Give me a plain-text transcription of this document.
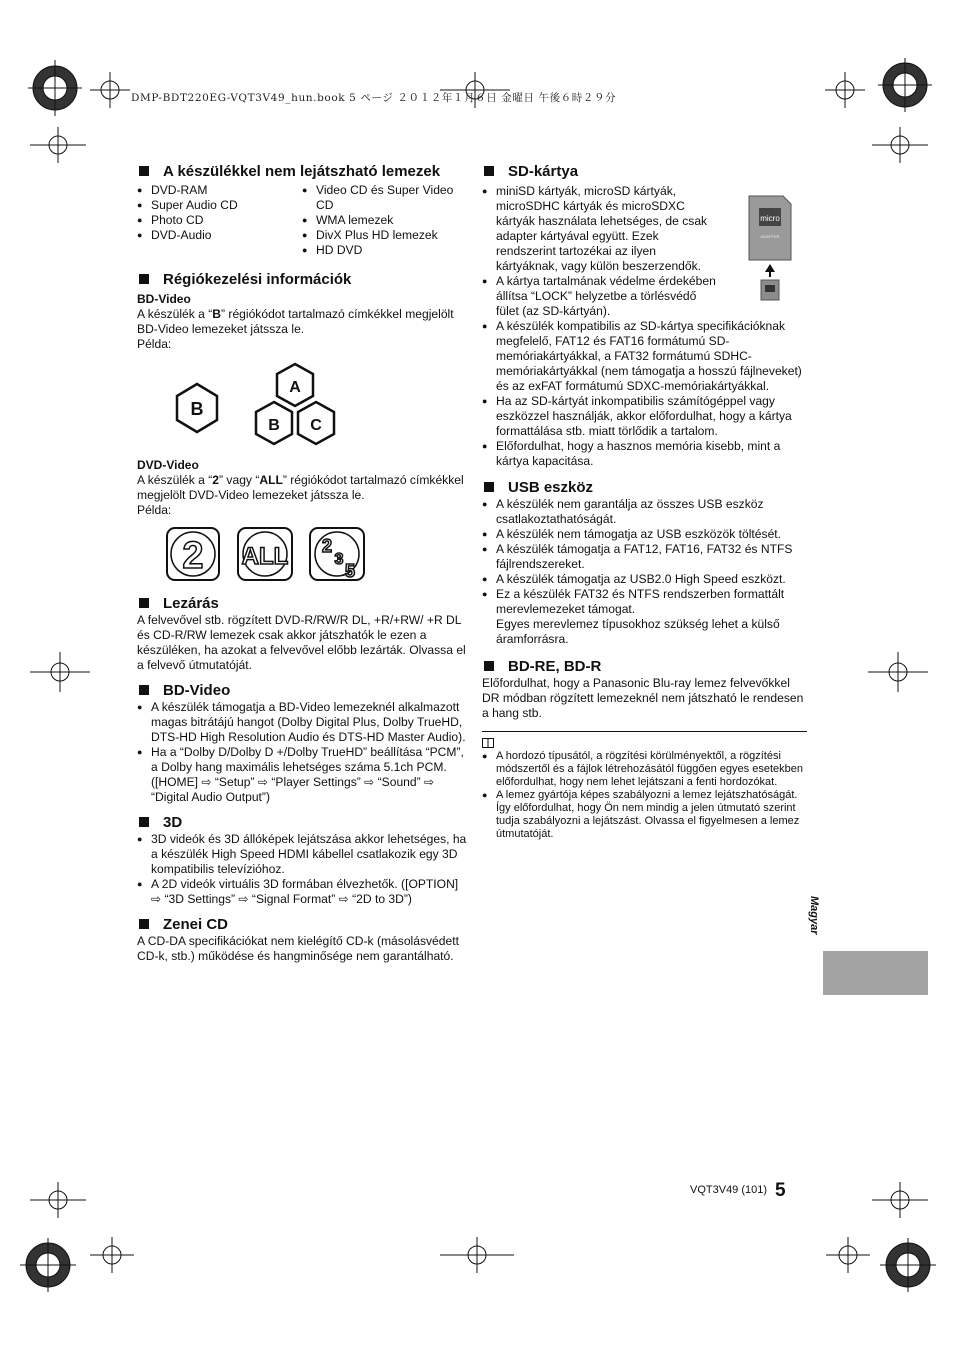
DMP-BDT220EG-VQT3V49_hun.book 5 ページ ２０１２年１月６日 金曜日 午後６時２９分
A készülékkel nem lejátszható lemezek
● DVD-RAM
● Super Audio CD
● Photo CD
● DVD-Audio
● Video CD és Super Video CD
● WMA lemezek
● DivX Plus HD lemezek
● HD DVD
Régiókezelési információk

BD-Video

A készülék a “B” régiókódot tartalmazó címkékkel megjelölt BD-Video lemezeket játssza le.

Példa:

B
A
B C

DVD-Video

A készülék a “2” vagy “ALL” régiókódot tartalmazó címkékkel megjelölt DVD-Video lemezeket játssza le.

Példa:

2 ALL 2
3
5
Lezárás

A felvevővel stb. rögzített DVD-R/RW/R DL, +R/+RW/ +R DL és CD-R/RW lemezek csak akkor játszhatók le ezen a készüléken, ha azokat a felvevővel előbb lezárták. Olvassa el a felvevő útmutatóját.

BD-Video
● A készülék támogatja a BD-Video lemezeknél alkalmazott magas bitrátájú hangot (Dolby Digital Plus, Dolby TrueHD, DTS-HD High Resolution Audio és DTS-HD Master Audio).
● Ha a “Dolby D/Dolby D +/Dolby TrueHD” beállítása “PCM”, a Dolby hang maximális lehetséges száma 5.1ch PCM. ([HOME] ⇨ “Setup” ⇨ “Player Settings” ⇨ “Sound” ⇨ “Digital Audio Output”)
3D
● 3D videók és 3D állóképek lejátszása akkor lehetséges, ha a készülék High Speed HDMI kábellel csatlakozik egy 3D kompatibilis televízióhoz.
● A 2D videók virtuális 3D formában élvezhetők. ([OPTION] ⇨ “3D Settings” ⇨ “Signal Format” ⇨ “2D to 3D”)
Zenei CD

A CD-DA specifikációkat nem kielégítő CD-k (másolásvédett CD-k, stb.) működése és hangminősége nem garantálható.

SD-kártya
micro
ADAPTER
● miniSD kártyák, microSD kártyák, microSDHC kártyák és microSDXC kártyák használata lehetséges, de csak adapter kártyával együtt. Ezek rendszerint tartozékai az ilyen kártyáknak, vagy külön beszerzendők.
● A kártya tartalmának védelme érdekében állítsa “LOCK” helyzetbe a törlésvédő fület (az SD-kártyán).
● A készülék kompatibilis az SD-kártya specifikációknak megfelelő, FAT12 és FAT16 formátumú SD-memóriakártyákkal, a FAT32 formátumú SDHC-memóriakártyákkal (nem támogatja a hosszú fájlneveket) és az exFAT formátumú SDXC-memóriakártyákkal.
● Ha az SD-kártyát inkompatibilis számítógéppel vagy eszközzel használják, akkor előfordulhat, hogy a kártya formattálása stb. miatt törlődik a tartalom.
● Előfordulhat, hogy a hasznos memória kisebb, mint a kártya kapacitása.
USB eszköz
● A készülék nem garantálja az összes USB eszköz csatlakoztathatóságát.
● A készülék nem támogatja az USB eszközök töltését.
● A készülék támogatja a FAT12, FAT16, FAT32 és NTFS fájlrendszereket.
● A készülék támogatja az USB2.0 High Speed eszközt.
● Ez a készülék FAT32 és NTFS rendszerben formattált merevlemezeket támogat.

Egyes merevlemez típusokhoz szükség lehet a külső áramforrásra.

BD-RE, BD-R

Előfordulhat, hogy a Panasonic Blu-ray lemez felvevőkkel DR módban rögzített lemezeknél nem játszható le rendesen a hang stb.

● A hordozó típusától, a rögzítési körülményektől, a rögzítési módszertől és a fájlok létrehozásától függően egyes esetekben előfordulhat, hogy nem lehet lejátszani a fenti hordozókat.
● A lemez gyártója képes szabályozni a lemez lejátszhatóságát. Így előfordulhat, hogy Ön nem mindig a jelen útmutató szerint tudja szabályozni a lejátszást. Olvassa el figyelmesen a lemez útmutatóját.
Magyar
VQT3V49 (101) 5
